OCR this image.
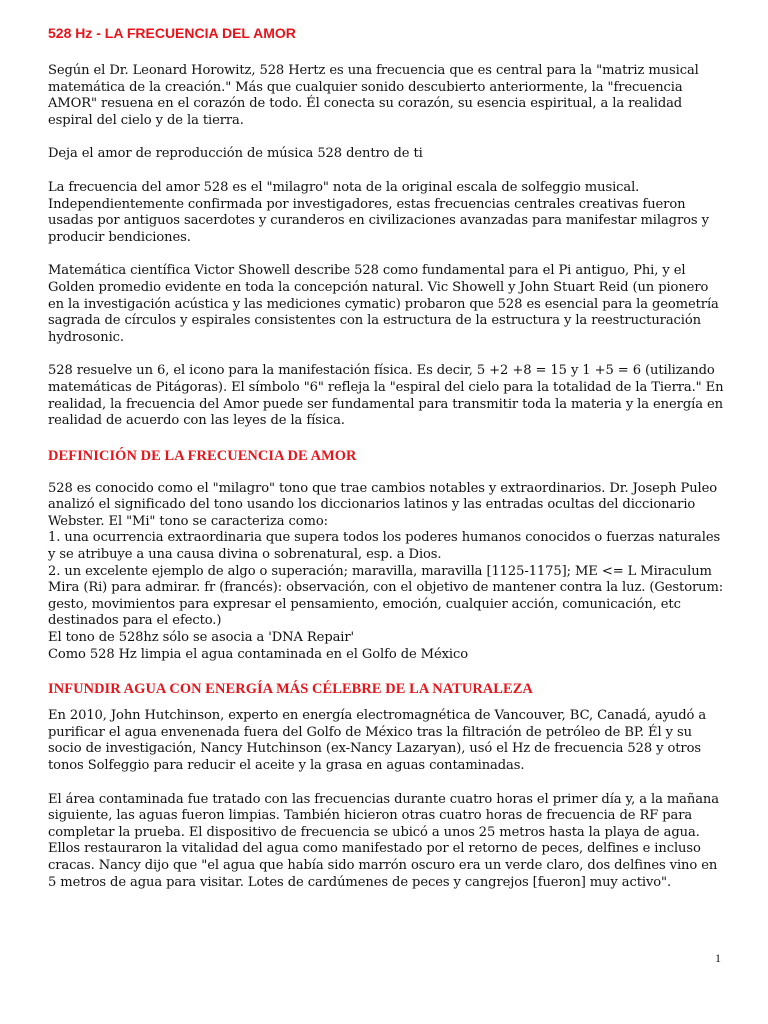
528 Hz - LA FRECUENCIA DEL AMOR

Según el Dr. Leonard Horowitz, 528 Hertz es una frecuencia que es central para la "matriz musical matemática de la creación." Más que cualquier sonido descubierto anteriormente, la "frecuencia AMOR" resuena en el corazón de todo. Él conecta su corazón, su esencia espiritual, a la realidad espiral del cielo y de la tierra.

Deja el amor de reproducción de música 528 dentro de ti

La frecuencia del amor 528 es el "milagro" nota de la original escala de solfeggio musical. Independientemente confirmada por investigadores, estas frecuencias centrales creativas fueron usadas por antiguos sacerdotes y curanderos en civilizaciones avanzadas para manifestar milagros y producir bendiciones.

Matemática científica Victor Showell describe 528 como fundamental para el Pi antiguo, Phi, y el Golden promedio evidente en toda la concepción natural. Vic Showell y John Stuart Reid (un pionero en la investigación acústica y las mediciones cymatic) probaron que 528 es esencial para la geometría sagrada de círculos y espirales consistentes con la estructura de la estructura y la reestructuración hydrosonic.

528 resuelve un 6, el icono para la manifestación física. Es decir, 5 +2 +8 = 15 y 1 +5 = 6 (utilizando matemáticas de Pitágoras). El símbolo "6" refleja la "espiral del cielo para la totalidad de la Tierra." En realidad, la frecuencia del Amor puede ser fundamental para transmitir toda la materia y la energía en realidad de acuerdo con las leyes de la física.

DEFINICIÓN DE LA FRECUENCIA DE AMOR

528 es conocido como el "milagro" tono que trae cambios notables y extraordinarios. Dr. Joseph Puleo analizó el significado del tono usando los diccionarios latinos y las entradas ocultas del diccionario Webster. El "Mi" tono se caracteriza como:
1. una ocurrencia extraordinaria que supera todos los poderes humanos conocidos o fuerzas naturales y se atribuye a una causa divina o sobrenatural, esp. a Dios.
2. un excelente ejemplo de algo o superación; maravilla, maravilla [1125-1175]; ME <= L Miraculum Mira (Ri) para admirar. fr (francés): observación, con el objetivo de mantener contra la luz. (Gestorum: gesto, movimientos para expresar el pensamiento, emoción, cualquier acción, comunicación, etc destinados para el efecto.)
El tono de 528hz sólo se asocia a 'DNA Repair'
Como 528 Hz limpia el agua contaminada en el Golfo de México

INFUNDIR AGUA CON ENERGÍA MÁS CÉLEBRE DE LA NATURALEZA

En 2010, John Hutchinson, experto en energía electromagnética de Vancouver, BC, Canadá, ayudó a purificar el agua envenenada fuera del Golfo de México tras la filtración de petróleo de BP. Él y su socio de investigación, Nancy Hutchinson (ex-Nancy Lazaryan), usó el Hz de frecuencia 528 y otros tonos Solfeggio para reducir el aceite y la grasa en aguas contaminadas.

El área contaminada fue tratado con las frecuencias durante cuatro horas el primer día y, a la mañana siguiente, las aguas fueron limpias. También hicieron otras cuatro horas de frecuencia de RF para completar la prueba. El dispositivo de frecuencia se ubicó a unos 25 metros hasta la playa de agua. Ellos restauraron la vitalidad del agua como manifestado por el retorno de peces, delfines e incluso cracas. Nancy dijo que "el agua que había sido marrón oscuro era un verde claro, dos delfines vino en 5 metros de agua para visitar. Lotes de cardúmenes de peces y cangrejos [fueron] muy activo".

1
